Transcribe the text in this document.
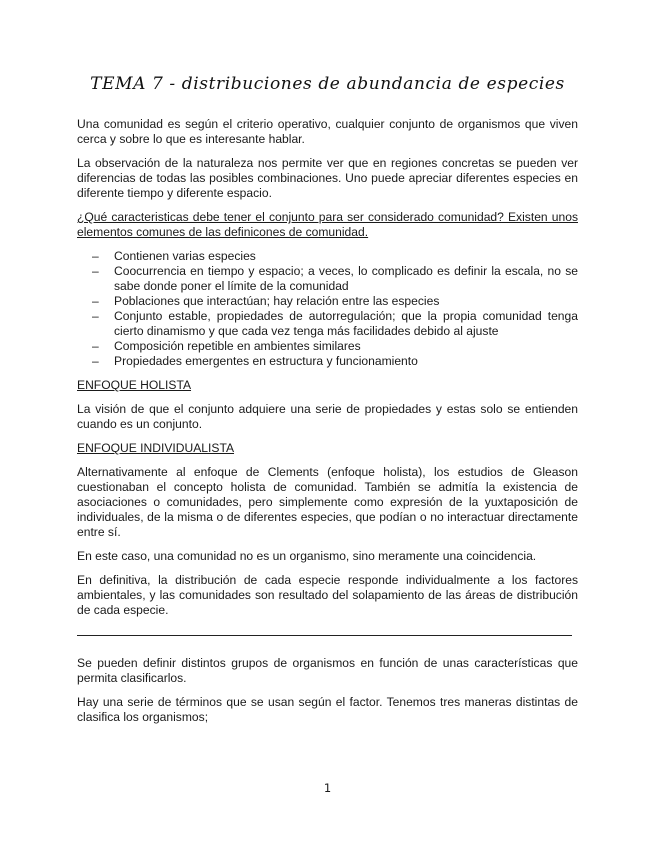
TEMA 7 - distribuciones de abundancia de especies

Una comunidad es según el criterio operativo, cualquier conjunto de organismos que viven cerca y sobre lo que es interesante hablar.

La observación de la naturaleza nos permite ver que en regiones concretas se pueden ver diferencias de todas las posibles combinaciones. Uno puede apreciar diferentes especies en diferente tiempo y diferente espacio.

¿Qué caracteristicas debe tener el conjunto para ser considerado comunidad? Existen unos elementos comunes de las definicones de comunidad.

– Contienen varias especies
– Coocurrencia en tiempo y espacio; a veces, lo complicado es definir la escala, no se sabe donde poner el límite de la comunidad
– Poblaciones que interactúan; hay relación entre las especies
– Conjunto estable, propiedades de autorregulación; que la propia comunidad tenga cierto dinamismo y que cada vez tenga más facilidades debido al ajuste
– Composición repetible en ambientes similares
– Propiedades emergentes en estructura y funcionamiento
ENFOQUE HOLISTA

La visión de que el conjunto adquiere una serie de propiedades y estas solo se entienden cuando es un conjunto.

ENFOQUE INDIVIDUALISTA

Alternativamente al enfoque de Clements (enfoque holista), los estudios de Gleason cuestionaban el concepto holista de comunidad. También se admitía la existencia de asociaciones o comunidades, pero simplemente como expresión de la yuxtaposición de individuales, de la misma o de diferentes especies, que podían o no interactuar directamente entre sí.

En este caso, una comunidad no es un organismo, sino meramente una coincidencia.

En definitiva, la distribución de cada especie responde individualmente a los factores ambientales, y las comunidades son resultado del solapamiento de las áreas de distribución de cada especie.

Se pueden definir distintos grupos de organismos en función de unas características que permita clasificarlos.

Hay una serie de términos que se usan según el factor. Tenemos tres maneras distintas de clasifica los organismos;

1
